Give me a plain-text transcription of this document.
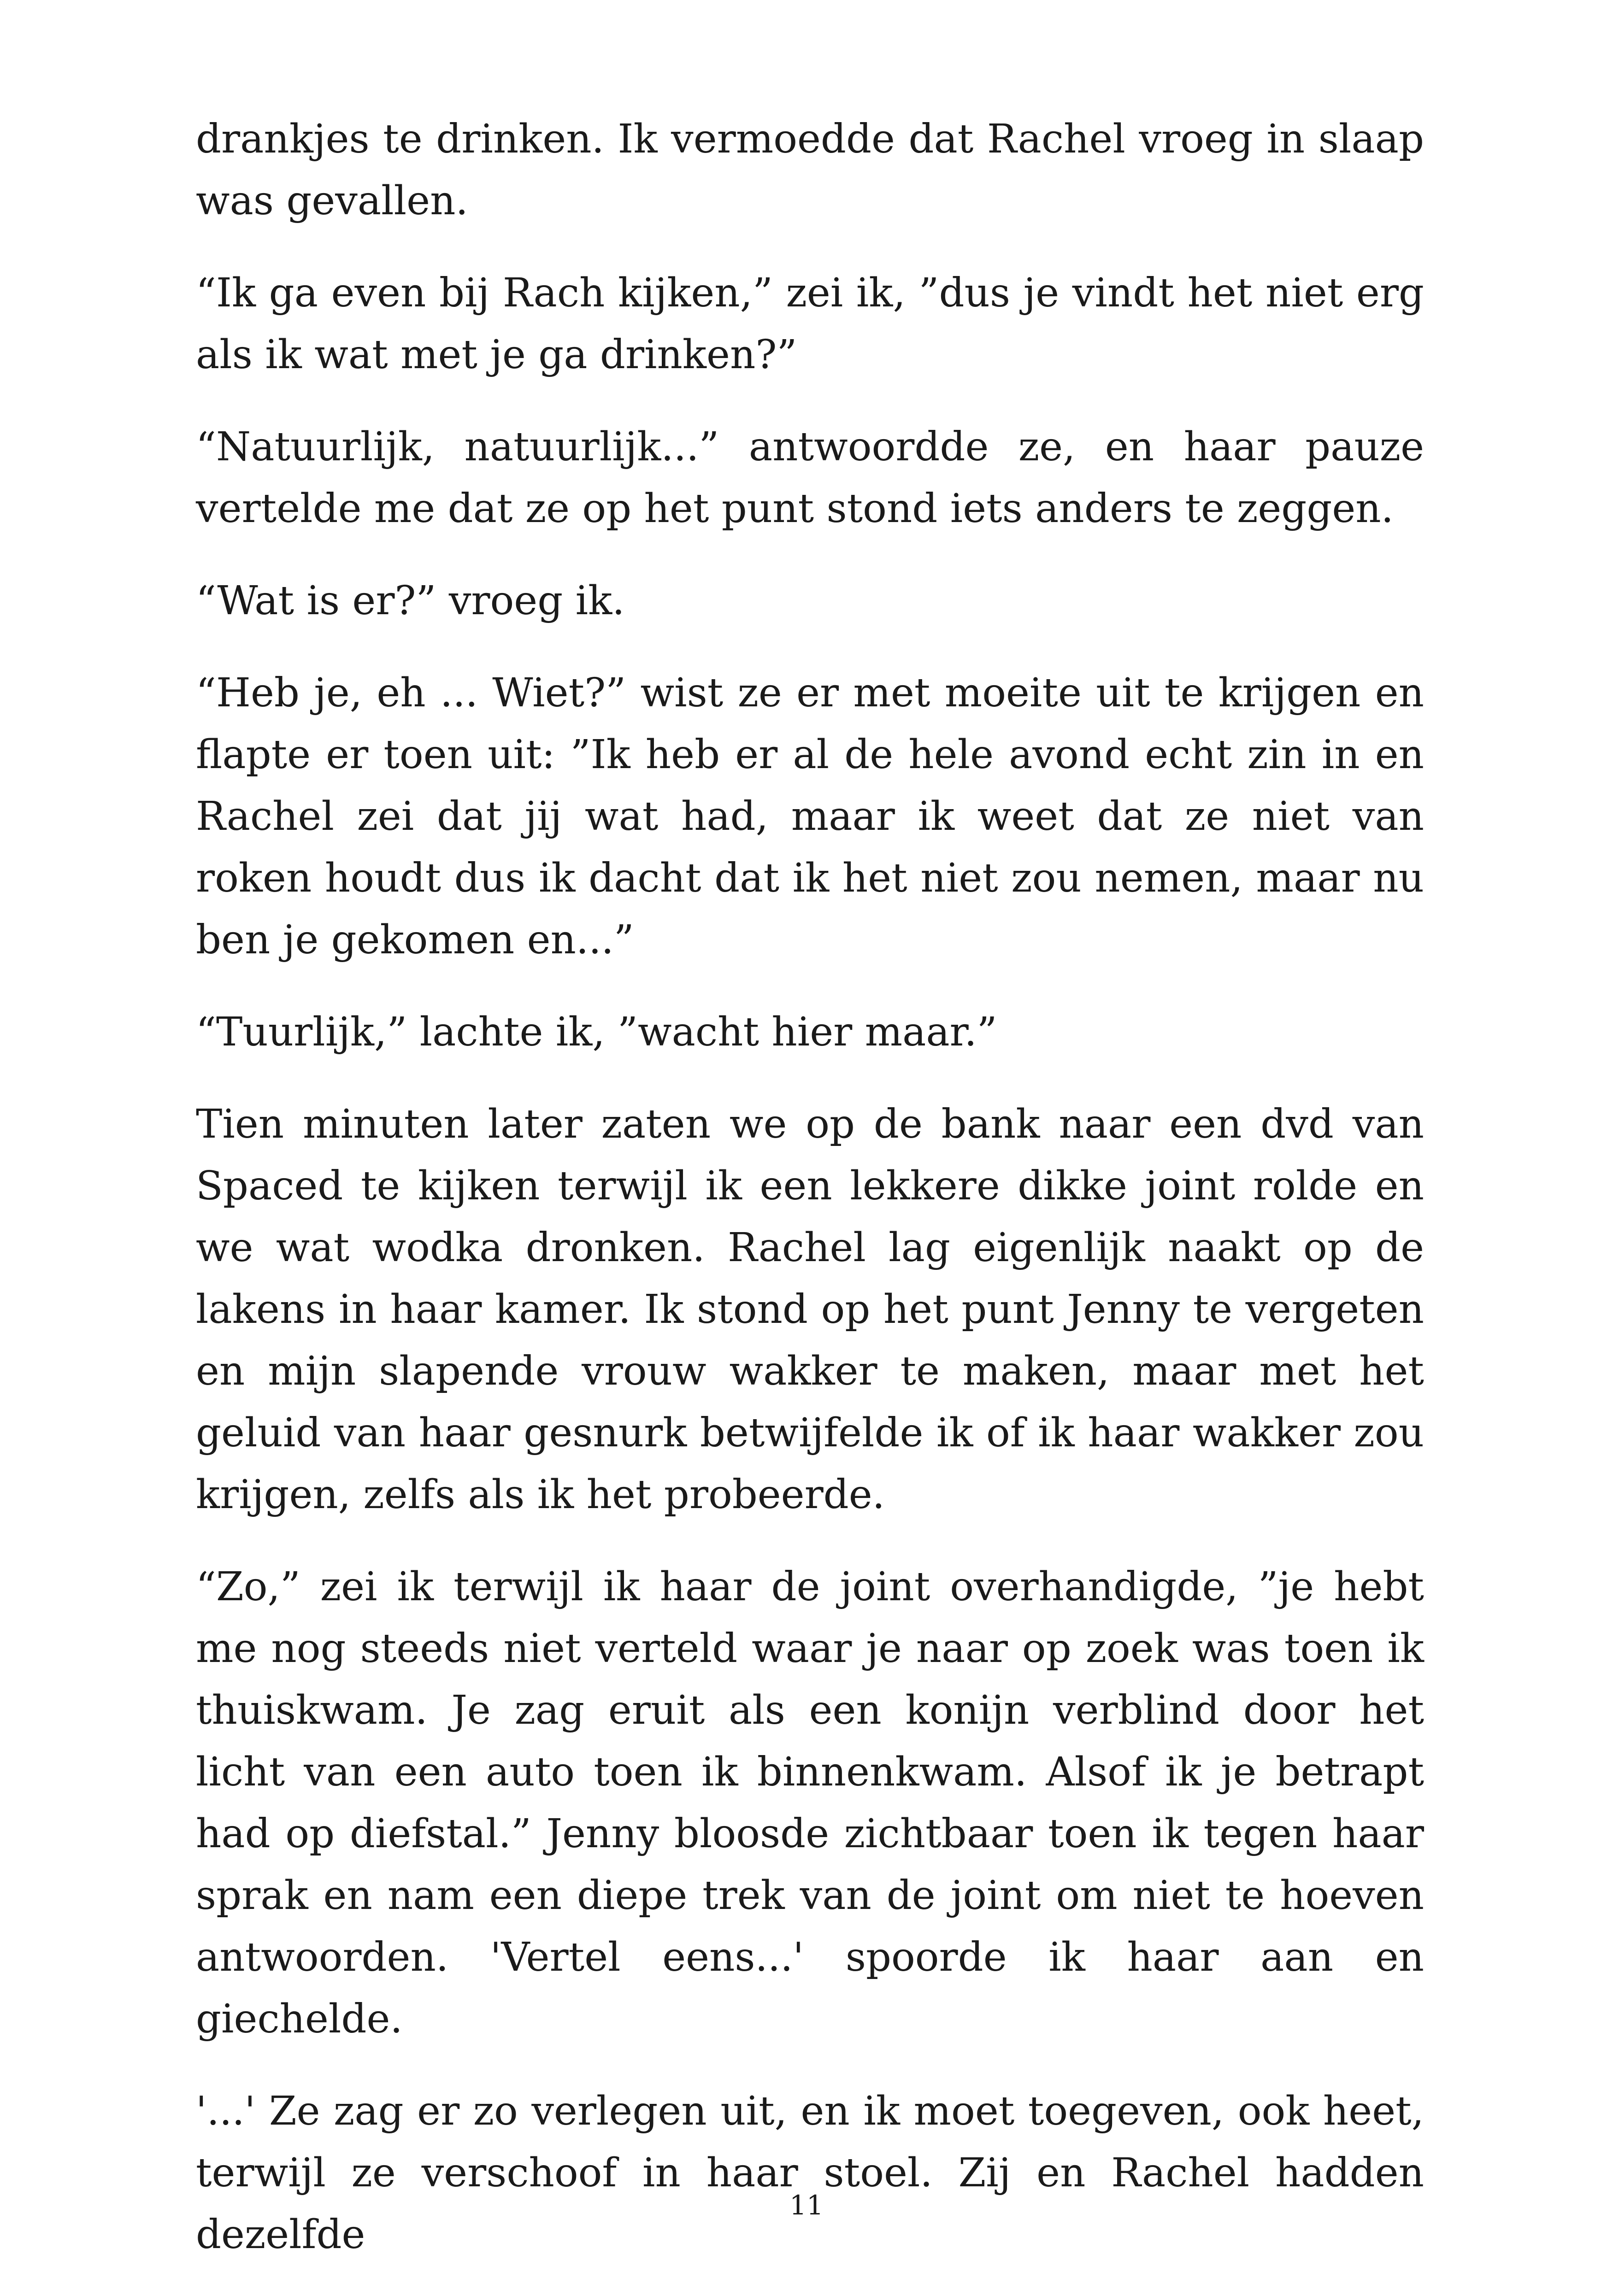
drankjes te drinken. Ik vermoedde dat Rachel vroeg in slaap was gevallen.

“Ik ga even bij Rach kijken,” zei ik, ”dus je vindt het niet erg als ik wat met je ga drinken?”

“Natuurlijk, natuurlijk...” antwoordde ze, en haar pauze vertelde me dat ze op het punt stond iets anders te zeggen.

“Wat is er?” vroeg ik.

“Heb je, eh ... Wiet?” wist ze er met moeite uit te krijgen en flapte er toen uit: ”Ik heb er al de hele avond echt zin in en Rachel zei dat jij wat had, maar ik weet dat ze niet van roken houdt dus ik dacht dat ik het niet zou nemen, maar nu ben je gekomen en...”

“Tuurlijk,” lachte ik, ”wacht hier maar.”

Tien minuten later zaten we op de bank naar een dvd van Spaced te kijken terwijl ik een lekkere dikke joint rolde en we wat wodka dronken. Rachel lag eigenlijk naakt op de lakens in haar kamer. Ik stond op het punt Jenny te vergeten en mijn slapende vrouw wakker te maken, maar met het geluid van haar gesnurk betwijfelde ik of ik haar wakker zou krijgen, zelfs als ik het probeerde.

“Zo,” zei ik terwijl ik haar de joint overhandigde, ”je hebt me nog steeds niet verteld waar je naar op zoek was toen ik thuiskwam. Je zag eruit als een konijn verblind door het licht van een auto toen ik binnenkwam. Alsof ik je betrapt had op diefstal.” Jenny bloosde zichtbaar toen ik tegen haar sprak en nam een diepe trek van de joint om niet te hoeven antwoorden. 'Vertel eens...' spoorde ik haar aan en giechelde.

'...' Ze zag er zo verlegen uit, en ik moet toegeven, ook heet, terwijl ze verschoof in haar stoel. Zij en Rachel hadden dezelfde

11
